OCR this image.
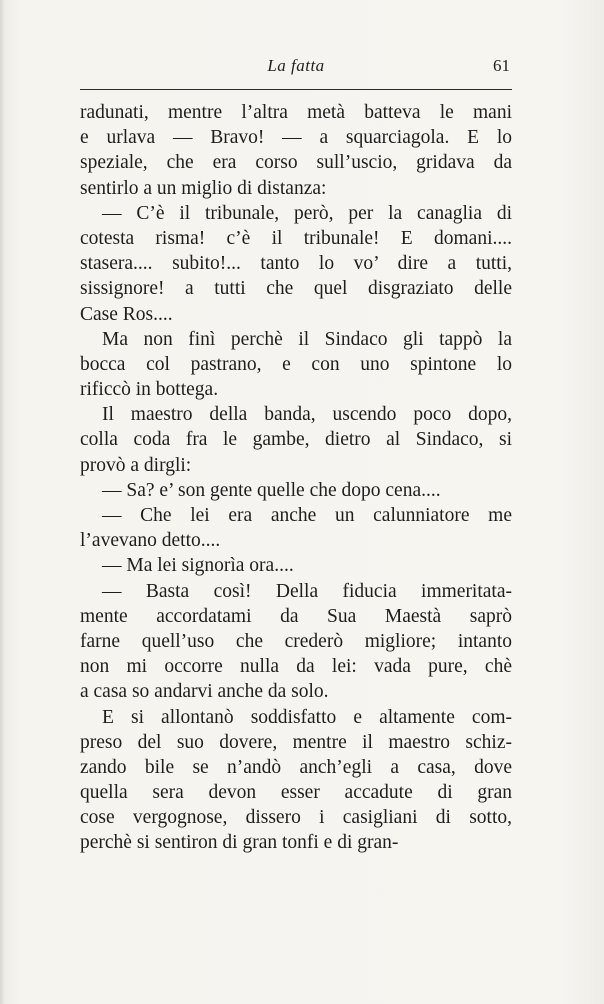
La fatta	61
radunati, mentre l’altra metà batteva le mani
e urlava — Bravo! — a squarciagola. E lo
speziale, che era corso sull’uscio, gridava da
sentirlo a un miglio di distanza:
— C’è il tribunale, però, per la canaglia di
cotesta risma! c’è il tribunale! E domani....
stasera.... subito!... tanto lo vo’ dire a tutti,
sissignore! a tutti che quel disgraziato delle
Case Ros....
Ma non finì perchè il Sindaco gli tappò la
bocca col pastrano, e con uno spintone lo
rificcò in bottega.
Il maestro della banda, uscendo poco dopo,
colla coda fra le gambe, dietro al Sindaco, si
provò a dirgli:
— Sa? e’ son gente quelle che dopo cena....
— Che lei era anche un calunniatore me
l’avevano detto....
— Ma lei signorìa ora....
— Basta così! Della fiducia immeritata-
mente accordatami da Sua Maestà saprò
farne quell’uso che crederò migliore; intanto
non mi occorre nulla da lei: vada pure, chè
a casa so andarvi anche da solo.
E si allontanò soddisfatto e altamente com-
preso del suo dovere, mentre il maestro schiz-
zando bile se n’andò anch’egli a casa, dove
quella sera devon esser accadute di gran
cose vergognose, dissero i casigliani di sotto,
perchè si sentiron di gran tonfi e di gran-
